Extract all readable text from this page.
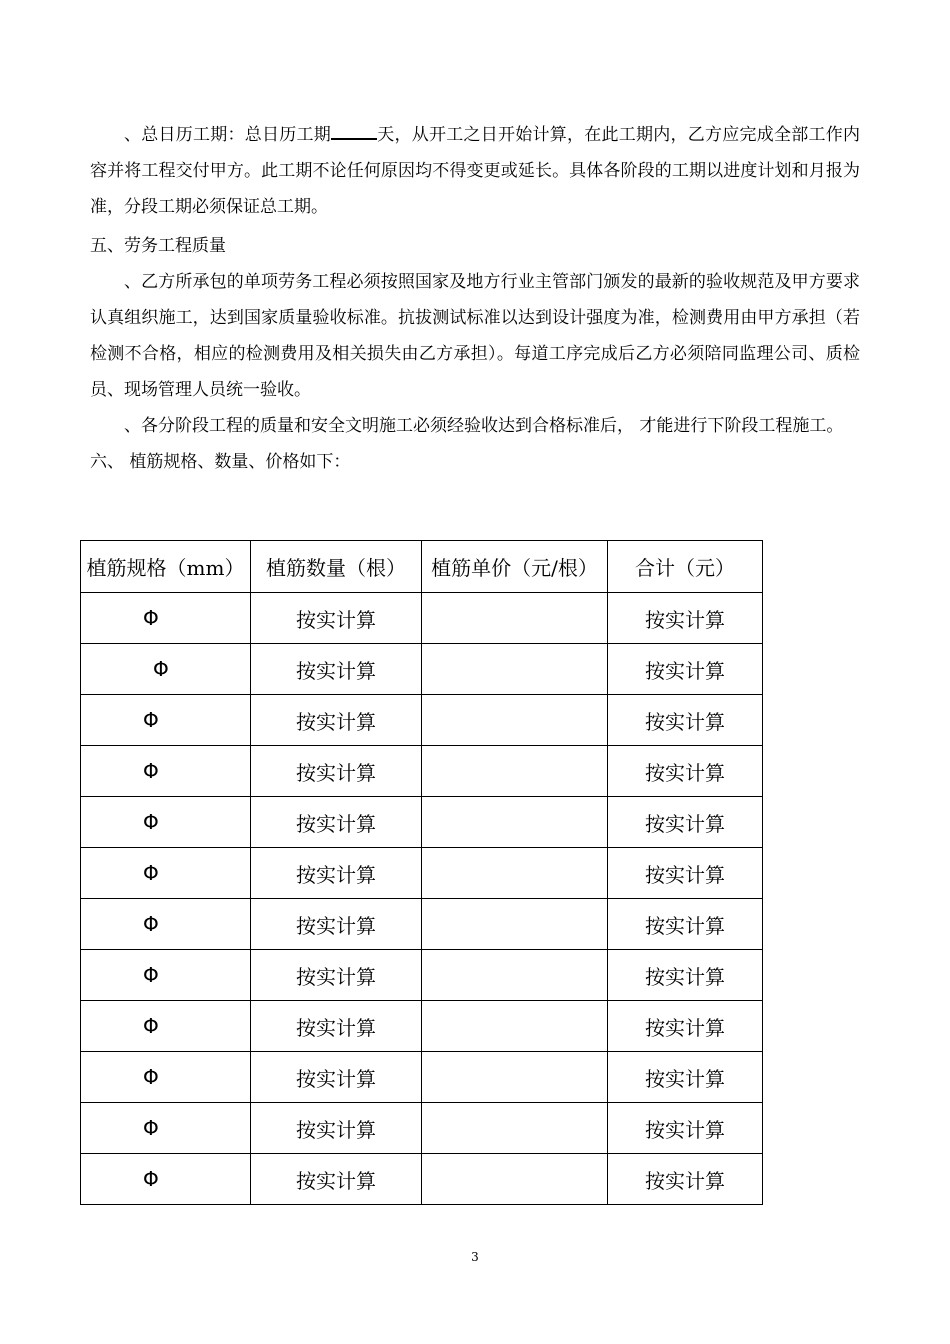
、总日历工期：总日历工期	天，从开工之日开始计算，在此工期内，乙方应完成全部工作内容并将工程交付甲方。此工期不论任何原因均不得变更或延长。具体各阶段的工期以进度计划和月报为准，分段工期必须保证总工期。

五、劳务工程质量

、乙方所承包的单项劳务工程必须按照国家及地方行业主管部门颁发的最新的验收规范及甲方要求认真组织施工，达到国家质量验收标准。抗拔测试标准以达到设计强度为准，检测费用由甲方承担（若检测不合格，相应的检测费用及相关损失由乙方承担）。每道工序完成后乙方必须陪同监理公司、质检员、现场管理人员统一验收。

、各分阶段工程的质量和安全文明施工必须经验收达到合格标准后， 才能进行下阶段工程施工。

六、 植筋规格、数量、价格如下：

植筋规格（mm）	植筋数量（根）	植筋单价（元/根）	合计（元）
Φ	按实计算		按实计算
Φ	按实计算		按实计算
Φ	按实计算		按实计算
Φ	按实计算		按实计算
Φ	按实计算		按实计算
Φ	按实计算		按实计算
Φ	按实计算		按实计算
Φ	按实计算		按实计算
Φ	按实计算		按实计算
Φ	按实计算		按实计算
Φ	按实计算		按实计算
Φ	按实计算		按实计算
3
